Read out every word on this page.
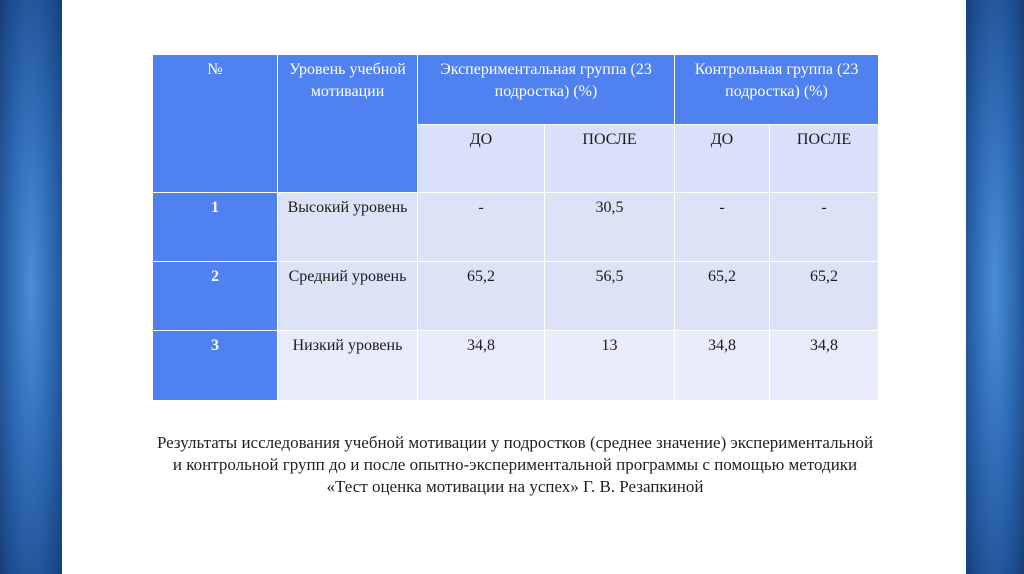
№	Уровень учебной мотивации	Экспериментальная группа (23 подростка) (%)		Контрольная группа (23 подростка) (%)	
		ДО	ПОСЛЕ	ДО	ПОСЛЕ
1	Высокий уровень	-	30,5	-	-
2	Средний уровень	65,2	56,5	65,2	65,2
3	Низкий уровень	34,8	13	34,8	34,8
Результаты исследования учебной мотивации у подростков (среднее значение) экспериментальной и контрольной групп до и после опытно-экспериментальной программы с помощью методики «Тест оценка мотивации на успех» Г. В. Резапкиной
